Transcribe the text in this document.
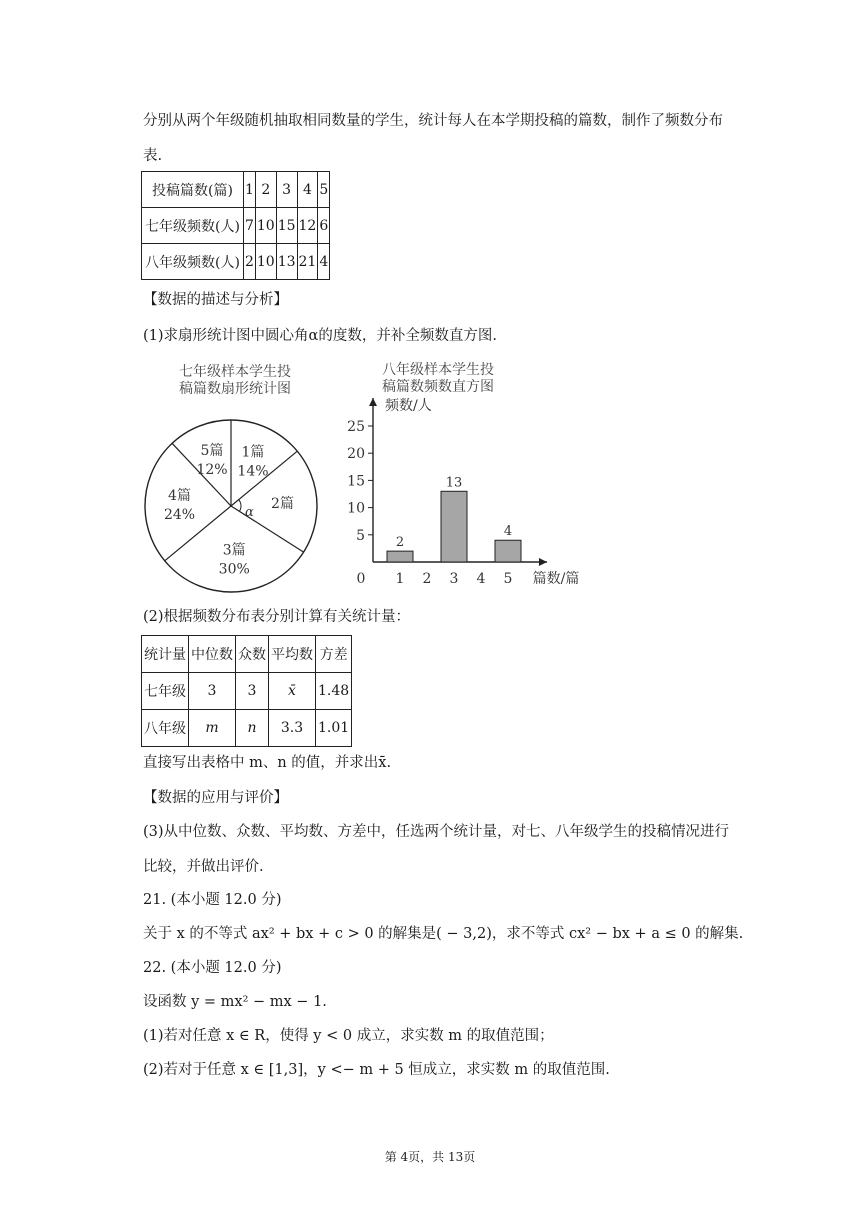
分别从两个年级随机抽取相同数量的学生，统计每人在本学期投稿的篇数，制作了频数分布
表.
投稿篇数(篇)	1	2	3	4	5
七年级频数(人)	7	10	15	12	6
八年级频数(人)	2	10	13	21	4
【数据的描述与分析】
(1)求扇形统计图中圆心角α的度数，并补全频数直方图.
七年级样本学生投
稿篇数扇形统计图
1篇
14%
2篇
3篇
30%
4篇
24%
5篇
12%
α
八年级样本学生投
稿篇数频数直方图
频数/人
5
10
15
20
25
0 1
2
2 3
13
4 5
4
篇数/篇
(2)根据频数分布表分别计算有关统计量：
统计量	中位数	众数	平均数	方差
七年级	3	3	x̄	1.48
八年级	m	n	3.3	1.01
直接写出表格中 m、n 的值，并求出x̄.
【数据的应用与评价】
(3)从中位数、众数、平均数、方差中，任选两个统计量，对七、八年级学生的投稿情况进行
比较，并做出评价.
21. (本小题 12.0 分)
关于 x 的不等式 ax² + bx + c > 0 的解集是( − 3,2)，求不等式 cx² − bx + a ≤ 0 的解集.
22. (本小题 12.0 分)
设函数 y = mx² − mx − 1.
(1)若对任意 x ∈ R，使得 y < 0 成立，求实数 m 的取值范围；
(2)若对于任意 x ∈ [1,3]，y <− m + 5 恒成立，求实数 m 的取值范围.
第 4页，共 13页
